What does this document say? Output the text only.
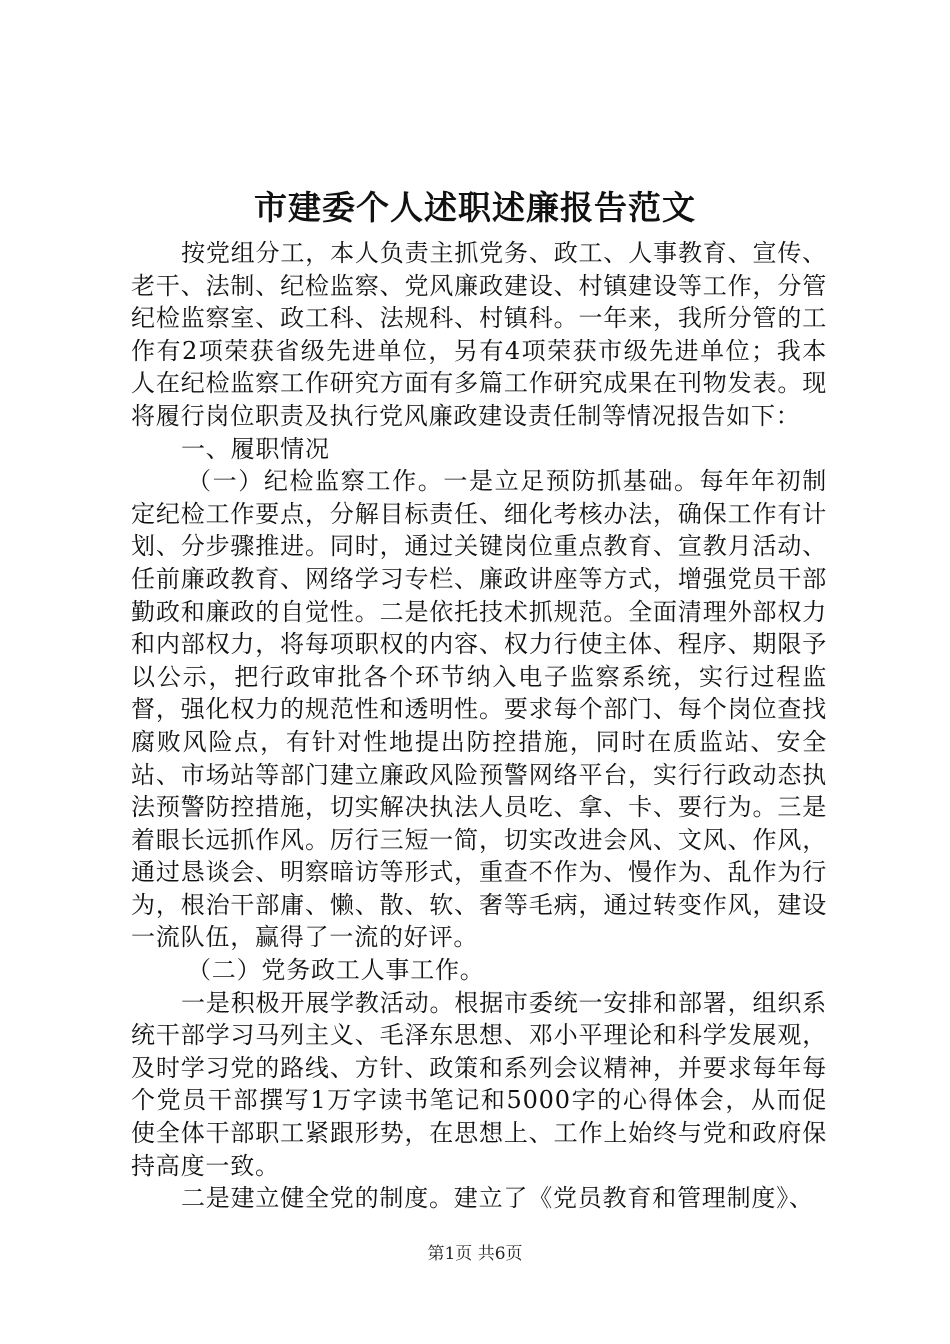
市建委个人述职述廉报告范文

按党组分工，本人负责主抓党务、政工、人事教育、宣传、老干、法制、纪检监察、党风廉政建设、村镇建设等工作，分管纪检监察室、政工科、法规科、村镇科。一年来，我所分管的工作有2项荣获省级先进单位，另有4项荣获市级先进单位；我本人在纪检监察工作研究方面有多篇工作研究成果在刊物发表。现将履行岗位职责及执行党风廉政建设责任制等情况报告如下：

一、履职情况

（一）纪检监察工作。一是立足预防抓基础。每年年初制定纪检工作要点，分解目标责任、细化考核办法，确保工作有计划、分步骤推进。同时，通过关键岗位重点教育、宣教月活动、任前廉政教育、网络学习专栏、廉政讲座等方式，增强党员干部勤政和廉政的自觉性。二是依托技术抓规范。全面清理外部权力和内部权力，将每项职权的内容、权力行使主体、程序、期限予以公示，把行政审批各个环节纳入电子监察系统，实行过程监督，强化权力的规范性和透明性。要求每个部门、每个岗位查找腐败风险点，有针对性地提出防控措施，同时在质监站、安全站、市场站等部门建立廉政风险预警网络平台，实行行政动态执法预警防控措施，切实解决执法人员吃、拿、卡、要行为。三是着眼长远抓作风。厉行三短一简，切实改进会风、文风、作风，通过恳谈会、明察暗访等形式，重查不作为、慢作为、乱作为行为，根治干部庸、懒、散、软、奢等毛病，通过转变作风，建设一流队伍，赢得了一流的好评。

（二）党务政工人事工作。

一是积极开展学教活动。根据市委统一安排和部署，组织系统干部学习马列主义、毛泽东思想、邓小平理论和科学发展观，及时学习党的路线、方针、政策和系列会议精神，并要求每年每个党员干部撰写1万字读书笔记和5000字的心得体会，从而促使全体干部职工紧跟形势，在思想上、工作上始终与党和政府保持高度一致。

二是建立健全党的制度。建立了《党员教育和管理制度》、

第1页 共6页
